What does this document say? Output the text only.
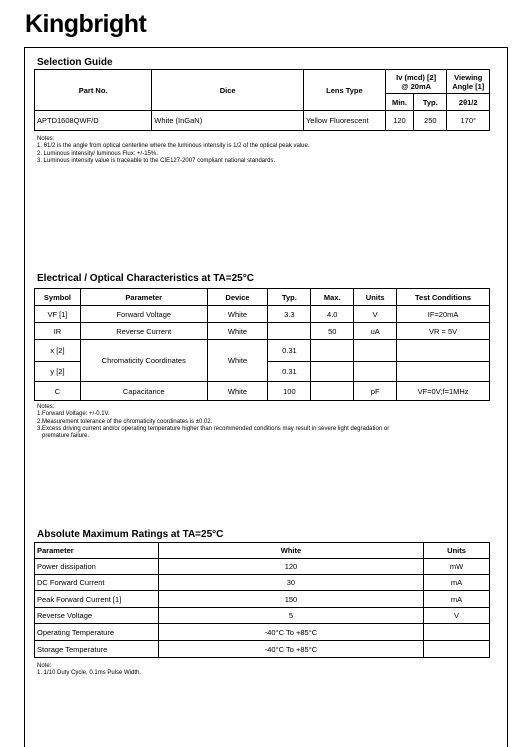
Kingbright
Selection Guide
Part No.	Dice	Lens Type	Iv (mcd) [2]
@ 20mA		Viewing
Angle [1]
			Min.	Typ.	2θ1/2
APTD1608QWF/D	White (InGaN)	Yellow Fluorescent	120	250	170°
Notes:
1. θ1/2 is the angle from optical centerline where the luminous intensity is 1/2 of the optical peak value.
2. Luminous intensity/ luminous Flux: +/-15%.
3. Luminous intensity value is traceable to the CIE127-2007 compliant national standards.
Electrical / Optical Characteristics at TA=25°C
Symbol	Parameter	Device	Typ.	Max.	Units	Test Conditions
VF [1]	Forward Voltage	White	3.3	4.0	V	IF=20mA
IR	Reverse Current	White		50	uA	VR = 5V
x [2]	Chromaticity Coordinates	White	0.31			
y [2]			0.31			
C	Capacitance	White	100		pF	VF=0V;f=1MHz
Notes:
1.Forward Voltage: +/-0.1V.
2.Measurement tolerance of the chromaticity coordinates is ±0.02.
3.Excess driving current and/or operating temperature higher than recommended conditions may result in severe light degradation or
premature failure.
Absolute Maximum Ratings at TA=25°C
Parameter	White	Units
Power dissipation	120	mW
DC Forward Current	30	mA
Peak Forward Current [1]	150	mA
Reverse Voltage	5	V
Operating Temperature	-40°C To +85°C	
Storage Temperature	-40°C To +85°C	
Note:
1. 1/10 Duty Cycle, 0.1ms Pulse Width.
